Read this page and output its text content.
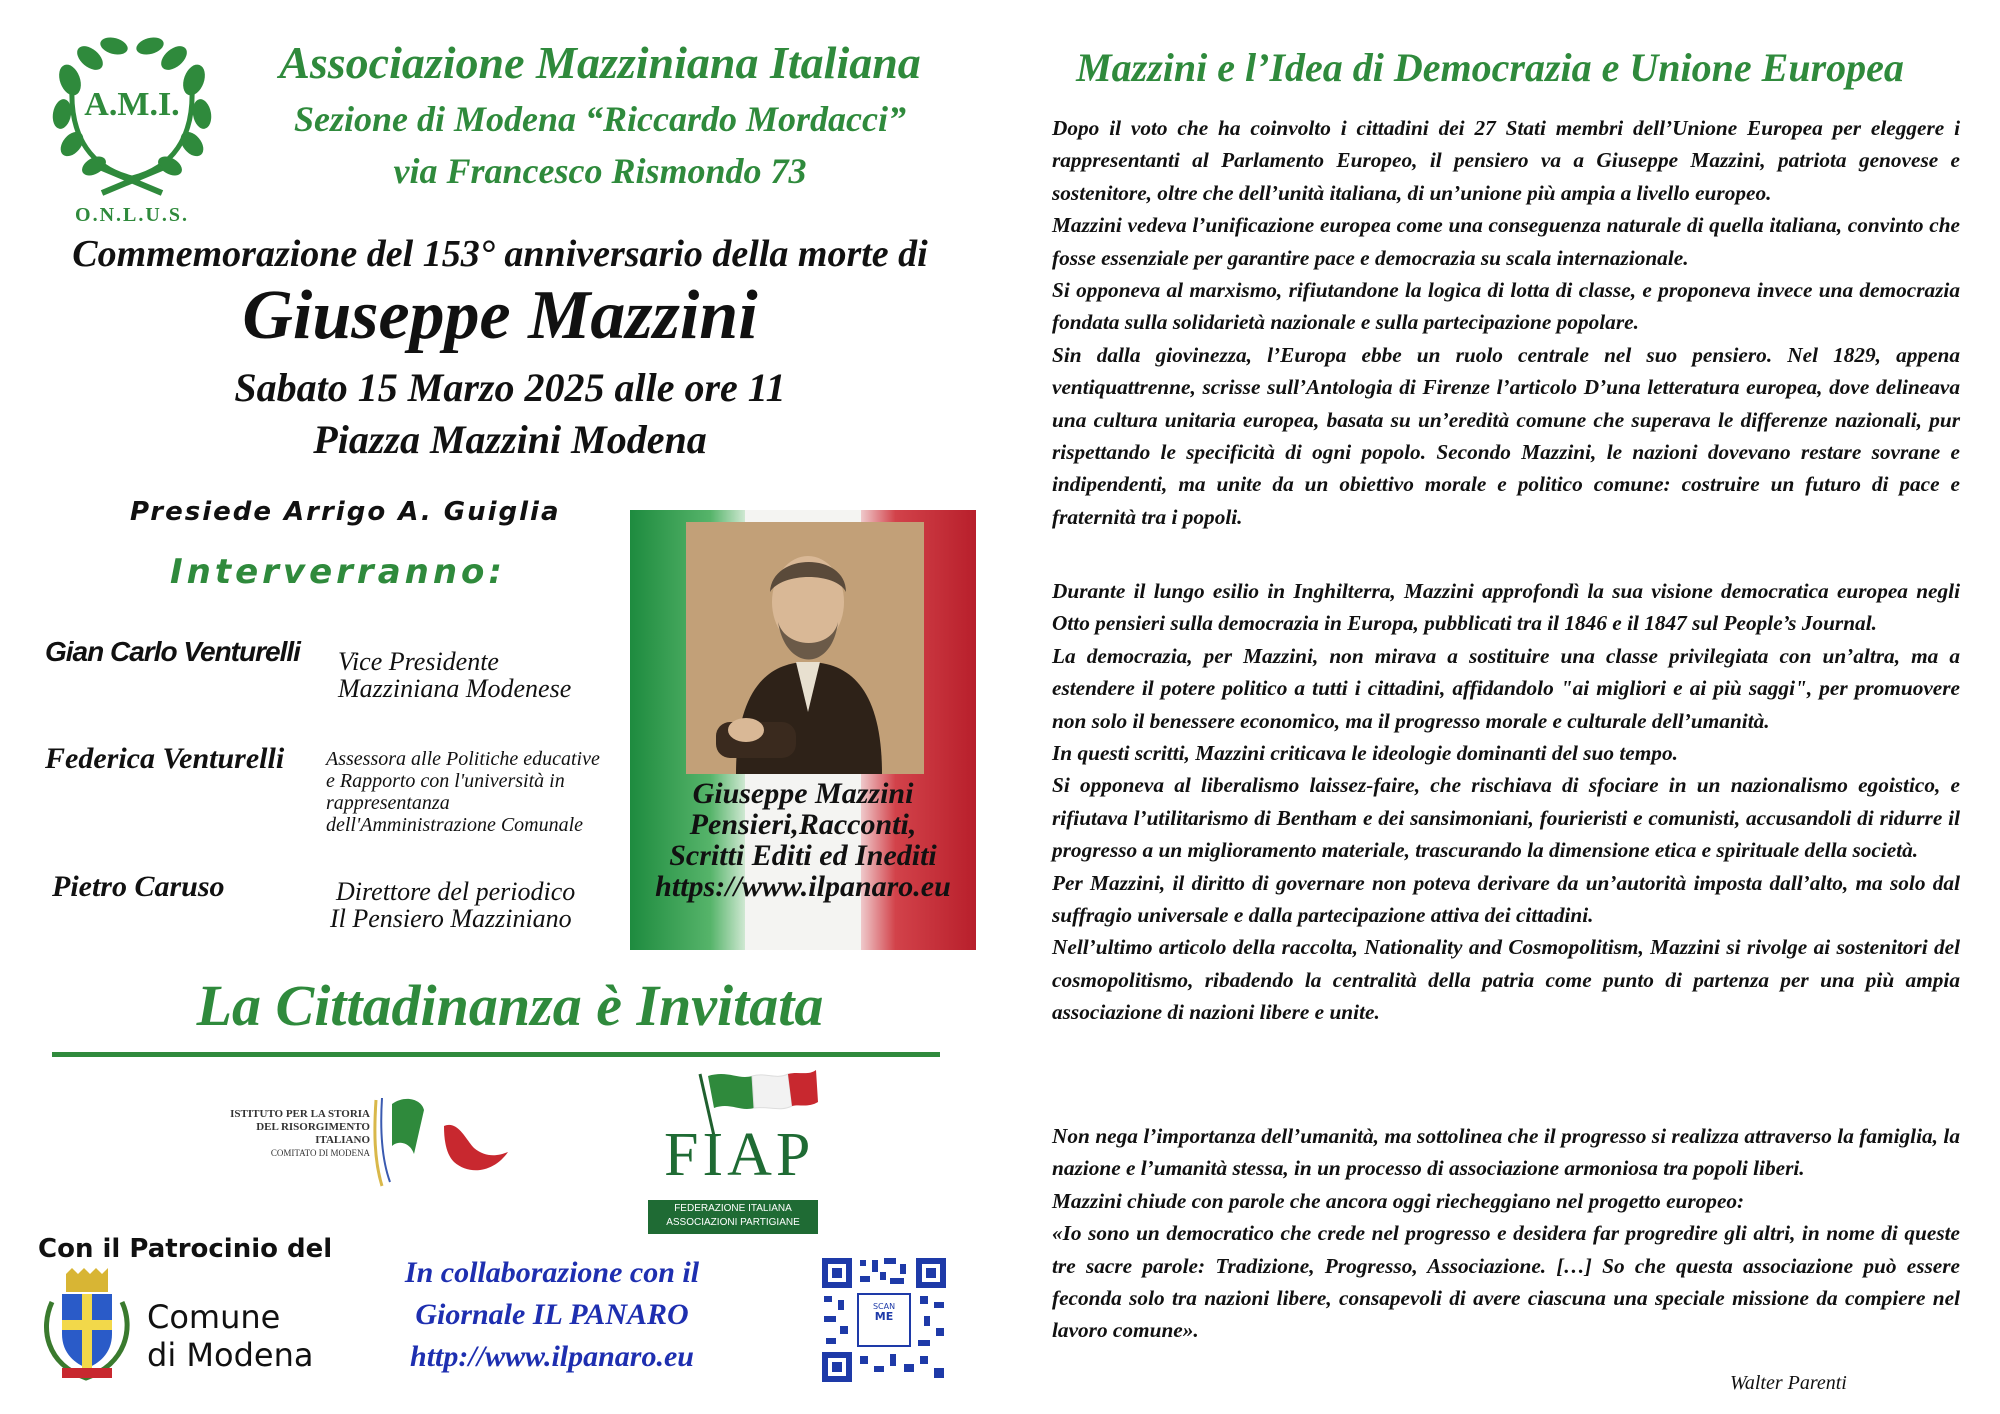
A.M.I.
O.N.L.U.S.
Associazione Mazziniana Italiana
Sezione di Modena “Riccardo Mordacci”
via Francesco Rismondo 73
Commemorazione del 153° anniversario della morte di
Giuseppe Mazzini
Sabato 15 Marzo 2025 alle ore 11
Piazza Mazzini Modena
Presiede Arrigo A. Guiglia
Interverranno:
Gian Carlo Venturelli Vice Presidente
Mazziniana Modenese
Federica Venturelli Assessora alle Politiche educative
e Rapporto con l'università in
rappresentanza
dell'Amministrazione Comunale
Pietro Caruso	Direttore del periodico
Il Pensiero Mazziniano
Giuseppe Mazzini
Pensieri,Racconti,
Scritti Editi ed Inediti
https://www.ilpanaro.eu
La Cittadinanza è Invitata
ISTITUTO PER LA STORIA
DEL RISORGIMENTO
ITALIANO
COMITATO DI MODENA	FIAP
FEDERAZIONE ITALIANA
ASSOCIAZIONI PARTIGIANE
Con il Patrocinio del
Comune
di Modena
In collaborazione con il
Giornale IL PANARO
http://www.ilpanaro.eu
SCAN
ME
Mazzini e l’Idea di Democrazia e Unione Europea

Dopo il voto che ha coinvolto i cittadini dei 27 Stati membri dell’Unione Europea per eleggere i rappresentanti al Parlamento Europeo, il pensiero va a Giuseppe Mazzini, patriota genovese e sostenitore, oltre che dell’unità italiana, di un’unione più ampia a livello europeo.

Mazzini vedeva l’unificazione europea come una conseguenza naturale di quella italiana, convinto che fosse essenziale per garantire pace e democrazia su scala internazionale.

Si opponeva al marxismo, rifiutandone la logica di lotta di classe, e proponeva invece una democrazia fondata sulla solidarietà nazionale e sulla partecipazione popolare.

Sin dalla giovinezza, l’Europa ebbe un ruolo centrale nel suo pensiero. Nel 1829, appena ventiquattrenne, scrisse sull’Antologia di Firenze l’articolo D’una letteratura europea, dove delineava una cultura unitaria europea, basata su un’eredità comune che superava le differenze nazionali, pur rispettando le specificità di ogni popolo. Secondo Mazzini, le nazioni dovevano restare sovrane e indipendenti, ma unite da un obiettivo morale e politico comune: costruire un futuro di pace e fraternità tra i popoli.

Durante il lungo esilio in Inghilterra, Mazzini approfondì la sua visione democratica europea negli Otto pensieri sulla democrazia in Europa, pubblicati tra il 1846 e il 1847 sul People’s Journal.

La democrazia, per Mazzini, non mirava a sostituire una classe privilegiata con un’altra, ma a estendere il potere politico a tutti i cittadini, affidandolo "ai migliori e ai più saggi", per promuovere non solo il benessere economico, ma il progresso morale e culturale dell’umanità.

In questi scritti, Mazzini criticava le ideologie dominanti del suo tempo.

Si opponeva al liberalismo laissez-faire, che rischiava di sfociare in un nazionalismo egoistico, e rifiutava l’utilitarismo di Bentham e dei sansimoniani, fourieristi e comunisti, accusandoli di ridurre il progresso a un miglioramento materiale, trascurando la dimensione etica e spirituale della società.

Per Mazzini, il diritto di governare non poteva derivare da un’autorità imposta dall’alto, ma solo dal suffragio universale e dalla partecipazione attiva dei cittadini.

Nell’ultimo articolo della raccolta, Nationality and Cosmopolitism, Mazzini si rivolge ai sostenitori del cosmopolitismo, ribadendo la centralità della patria come punto di partenza per una più ampia associazione di nazioni libere e unite.

Non nega l’importanza dell’umanità, ma sottolinea che il progresso si realizza attraverso la famiglia, la nazione e l’umanità stessa, in un processo di associazione armoniosa tra popoli liberi.

Mazzini chiude con parole che ancora oggi riecheggiano nel progetto europeo:

«Io sono un democratico che crede nel progresso e desidera far progredire gli altri, in nome di queste tre sacre parole: Tradizione, Progresso, Associazione. […] So che questa associazione può essere feconda solo tra nazioni libere, consapevoli di avere ciascuna una speciale missione da compiere nel lavoro comune».

Walter Parenti
